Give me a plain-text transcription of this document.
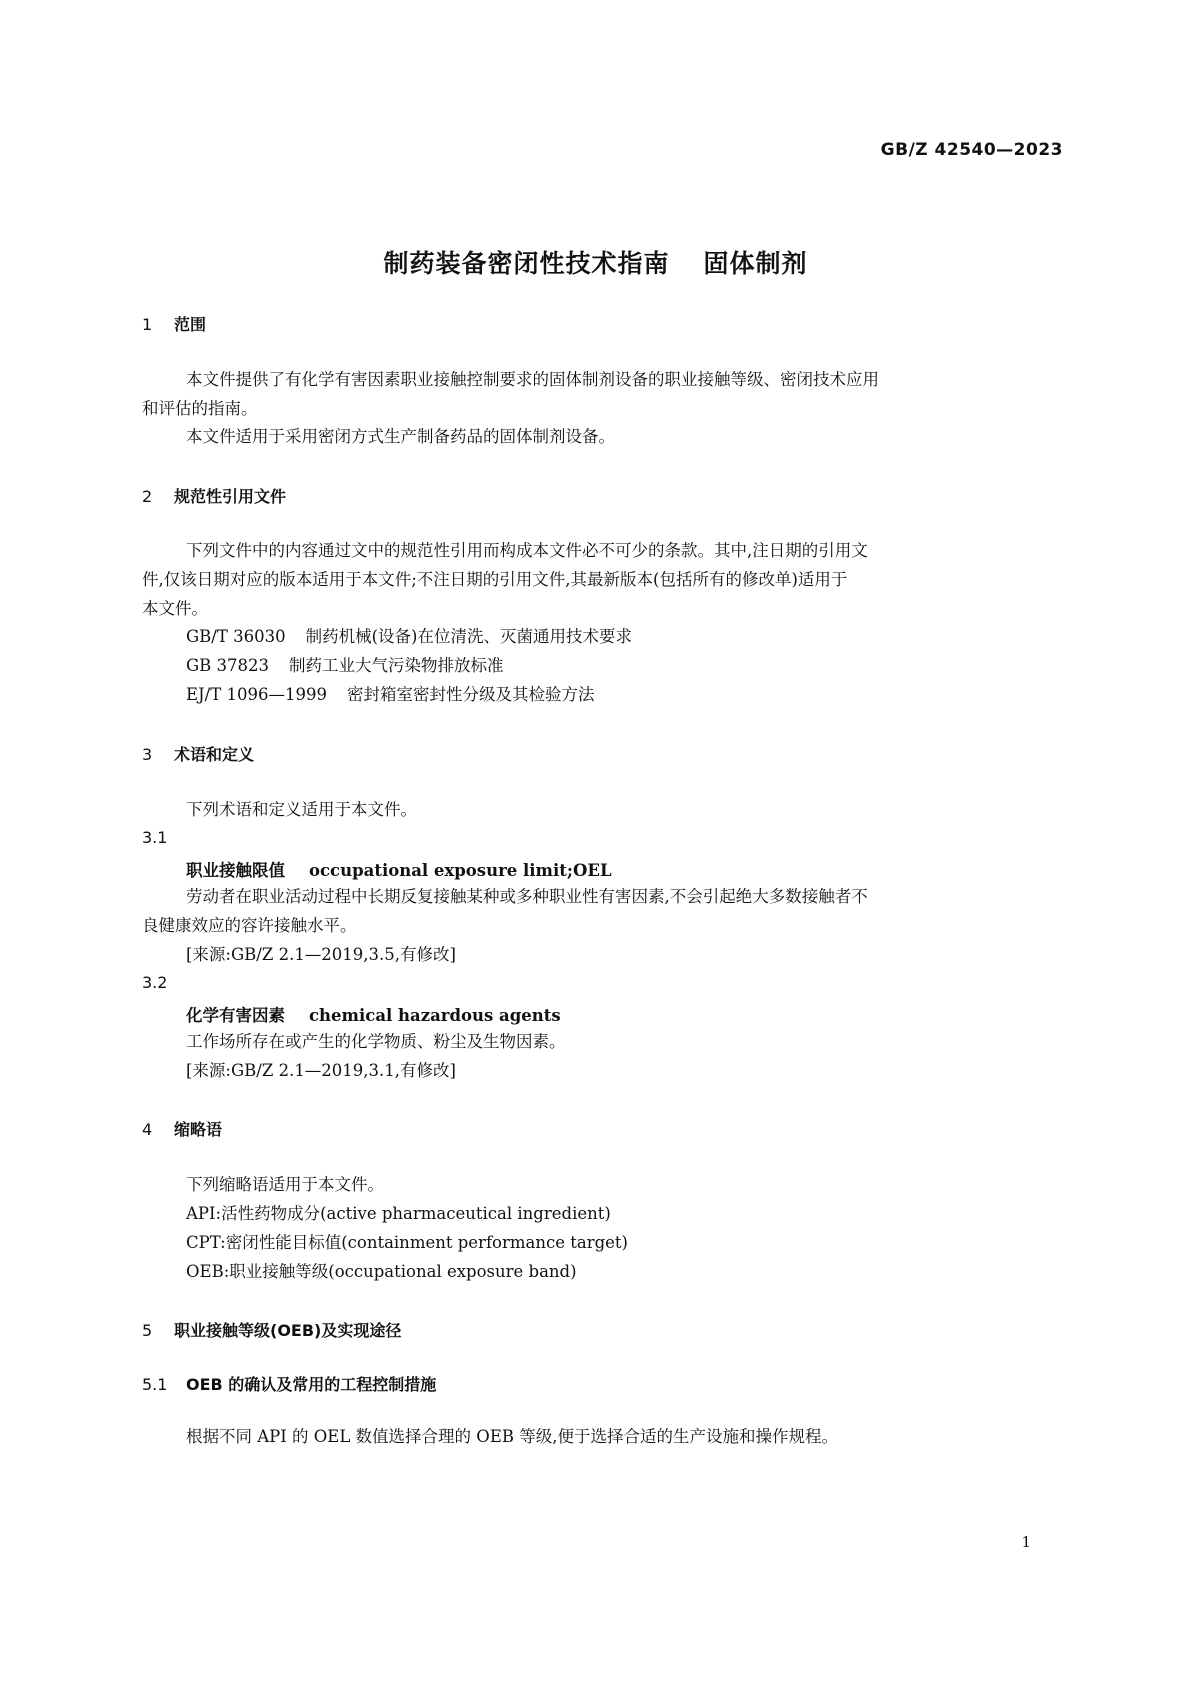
GB/Z 42540—2023
制药装备密闭性技术指南 固体制剂
1 范围
本文件提供了有化学有害因素职业接触控制要求的固体制剂设备的职业接触等级、密闭技术应用
和评估的指南。
本文件适用于采用密闭方式生产制备药品的固体制剂设备。
2 规范性引用文件
下列文件中的内容通过文中的规范性引用而构成本文件必不可少的条款。其中,注日期的引用文
件,仅该日期对应的版本适用于本文件;不注日期的引用文件,其最新版本(包括所有的修改单)适用于
本文件。
GB/T 36030 制药机械(设备)在位清洗、灭菌通用技术要求
GB 37823 制药工业大气污染物排放标准
EJ/T 1096—1999 密封箱室密封性分级及其检验方法
3 术语和定义
下列术语和定义适用于本文件。
3.1
职业接触限值 occupational exposure limit;OEL
劳动者在职业活动过程中长期反复接触某种或多种职业性有害因素,不会引起绝大多数接触者不
良健康效应的容许接触水平。
[来源:GB/Z 2.1—2019,3.5,有修改]
3.2
化学有害因素 chemical hazardous agents
工作场所存在或产生的化学物质、粉尘及生物因素。
[来源:GB/Z 2.1—2019,3.1,有修改]
4 缩略语
下列缩略语适用于本文件。
API:活性药物成分(active pharmaceutical ingredient)
CPT:密闭性能目标值(containment performance target)
OEB:职业接触等级(occupational exposure band)
5 职业接触等级(OEB)及实现途径
5.1 OEB 的确认及常用的工程控制措施
根据不同 API 的 OEL 数值选择合理的 OEB 等级,便于选择合适的生产设施和操作规程。
1
